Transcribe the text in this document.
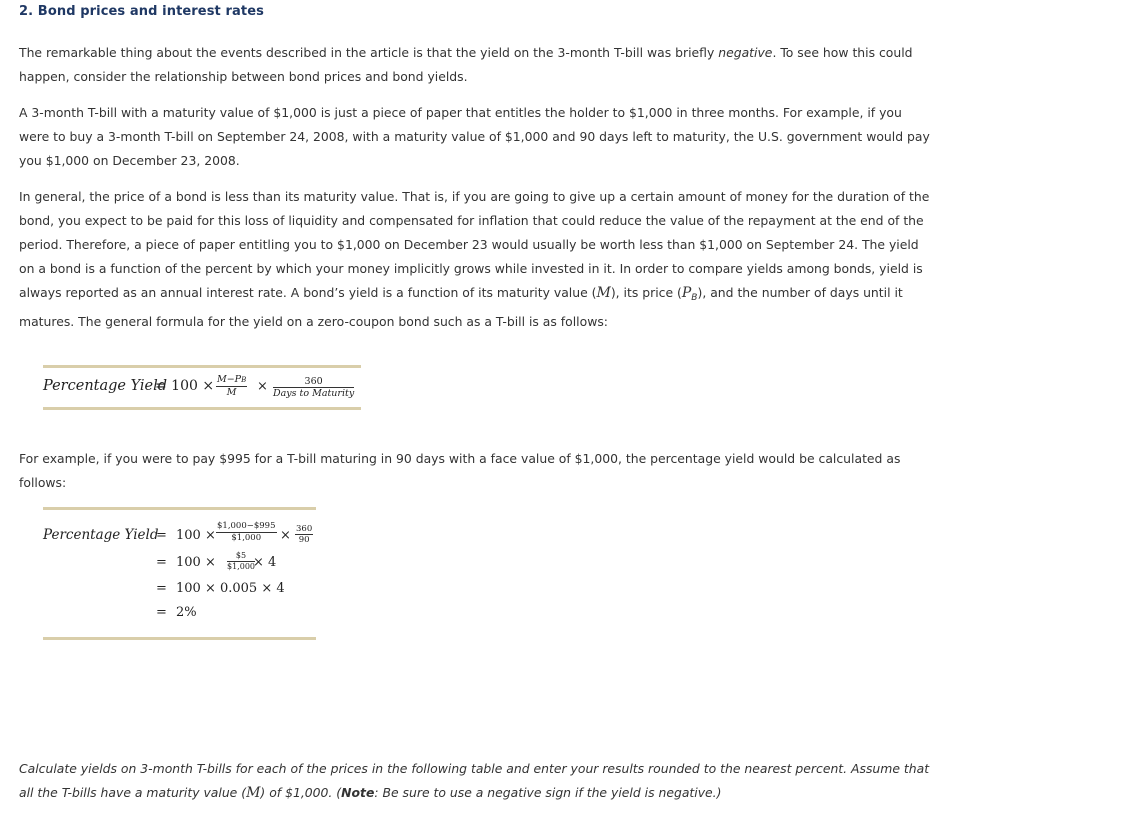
2. Bond prices and interest rates

The remarkable thing about the events described in the article is that the yield on the 3-month T-bill was briefly negative. To see how this could happen, consider the relationship between bond prices and bond yields.

A 3-month T-bill with a maturity value of $1,000 is just a piece of paper that entitles the holder to $1,000 in three months. For example, if you were to buy a 3-month T-bill on September 24, 2008, with a maturity value of $1,000 and 90 days left to maturity, the U.S. government would pay you $1,000 on December 23, 2008.

In general, the price of a bond is less than its maturity value. That is, if you are going to give up a certain amount of money for the duration of the bond, you expect to be paid for this loss of liquidity and compensated for inflation that could reduce the value of the repayment at the end of the period. Therefore, a piece of paper entitling you to $1,000 on December 23 would usually be worth less than $1,000 on September 24. The yield on a bond is a function of the percent by which your money implicitly grows while invested in it. In order to compare yields among bonds, yield is always reported as an annual interest rate. A bond’s yield is a function of its maturity value (M), its price $(P_B)$, and the number of days until it matures. The general formula for the yield on a zero-coupon bond such as a T-bill is as follows:

For example, if you were to pay $995 for a T-bill maturing in 90 days with a face value of $1,000, the percentage yield would be calculated as follows:

Calculate yields on 3-month T-bills for each of the prices in the following table and enter your results rounded to the nearest percent. Assume that all the T-bills have a maturity value (M) of $1,000. (Note: Be sure to use a negative sign if the yield is negative.)

Percentage Yield
= $100 \times \frac{M-PB}{M}$ ×	360
Days to Maturity
Percentage Yield
= $100 \times \frac{\$1,000-\$995}{\$1,000} \times \frac{360}{90}$
= $100 \times \frac{\$5}{\$1,000}$
× 4
= 100 × 0.005 × 4
= 2%
